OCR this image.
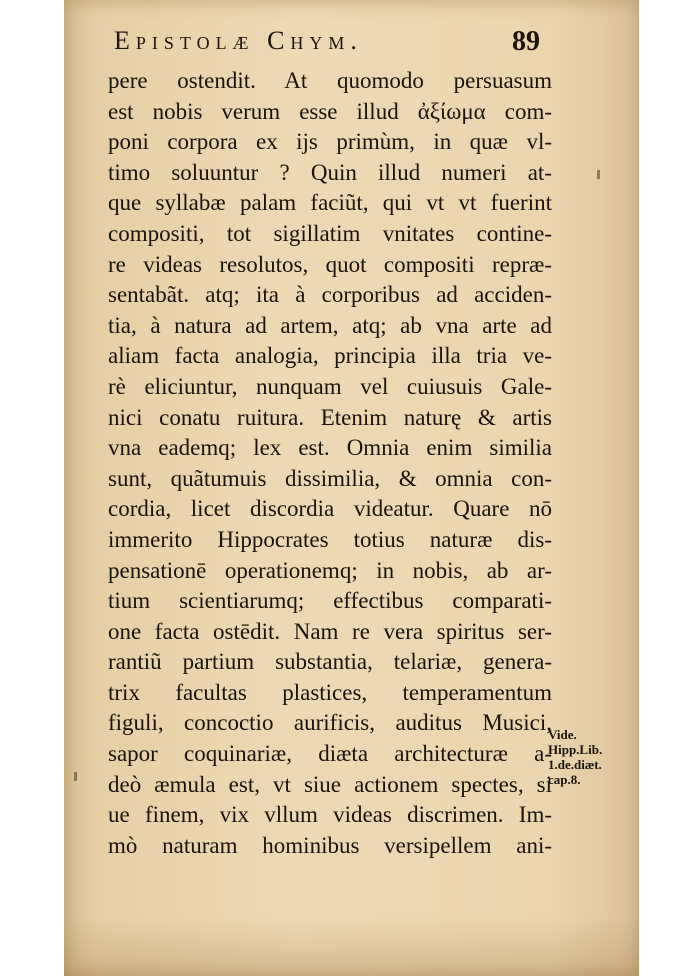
Epistolæ Chym.	89
pere ostendit. At quomodo persuasum
est nobis verum esse illud ἀξίωμα com-
poni corpora ex ijs primùm, in quæ vl-
timo soluuntur ? Quin illud numeri at-
que syllabæ palam faciũt, qui vt vt fuerint
compositi, tot sigillatim vnitates contine-
re videas resolutos, quot compositi repræ-
sentabãt. atq; ita à corporibus ad acciden-
tia, à natura ad artem, atq; ab vna arte ad
aliam facta analogia, principia illa tria ve-
rè eliciuntur, nunquam vel cuiusuis Gale-
nici conatu ruitura. Etenim naturę & artis
vna eademq; lex est. Omnia enim similia
sunt, quãtumuis dissimilia, & omnia con-
cordia, licet discordia videatur. Quare nō
immerito Hippocrates totius naturæ dis-
pensationē operationemq; in nobis, ab ar-
tium scientiarumq; effectibus comparati-
one facta ostēdit. Nam re vera spiritus ser-
rantiũ partium substantia, telariæ, genera-
trix facultas plastices, temperamentum
figuli, concoctio aurificis, auditus Musici,
sapor coquinariæ, diæta architecturæ a-
deò æmula est, vt siue actionem spectes, si
ue finem, vix vllum videas discrimen. Im-
mò naturam hominibus versipellem ani-
Vide.
Hipp.Lib.
1.de.diæt.
cap.8.
